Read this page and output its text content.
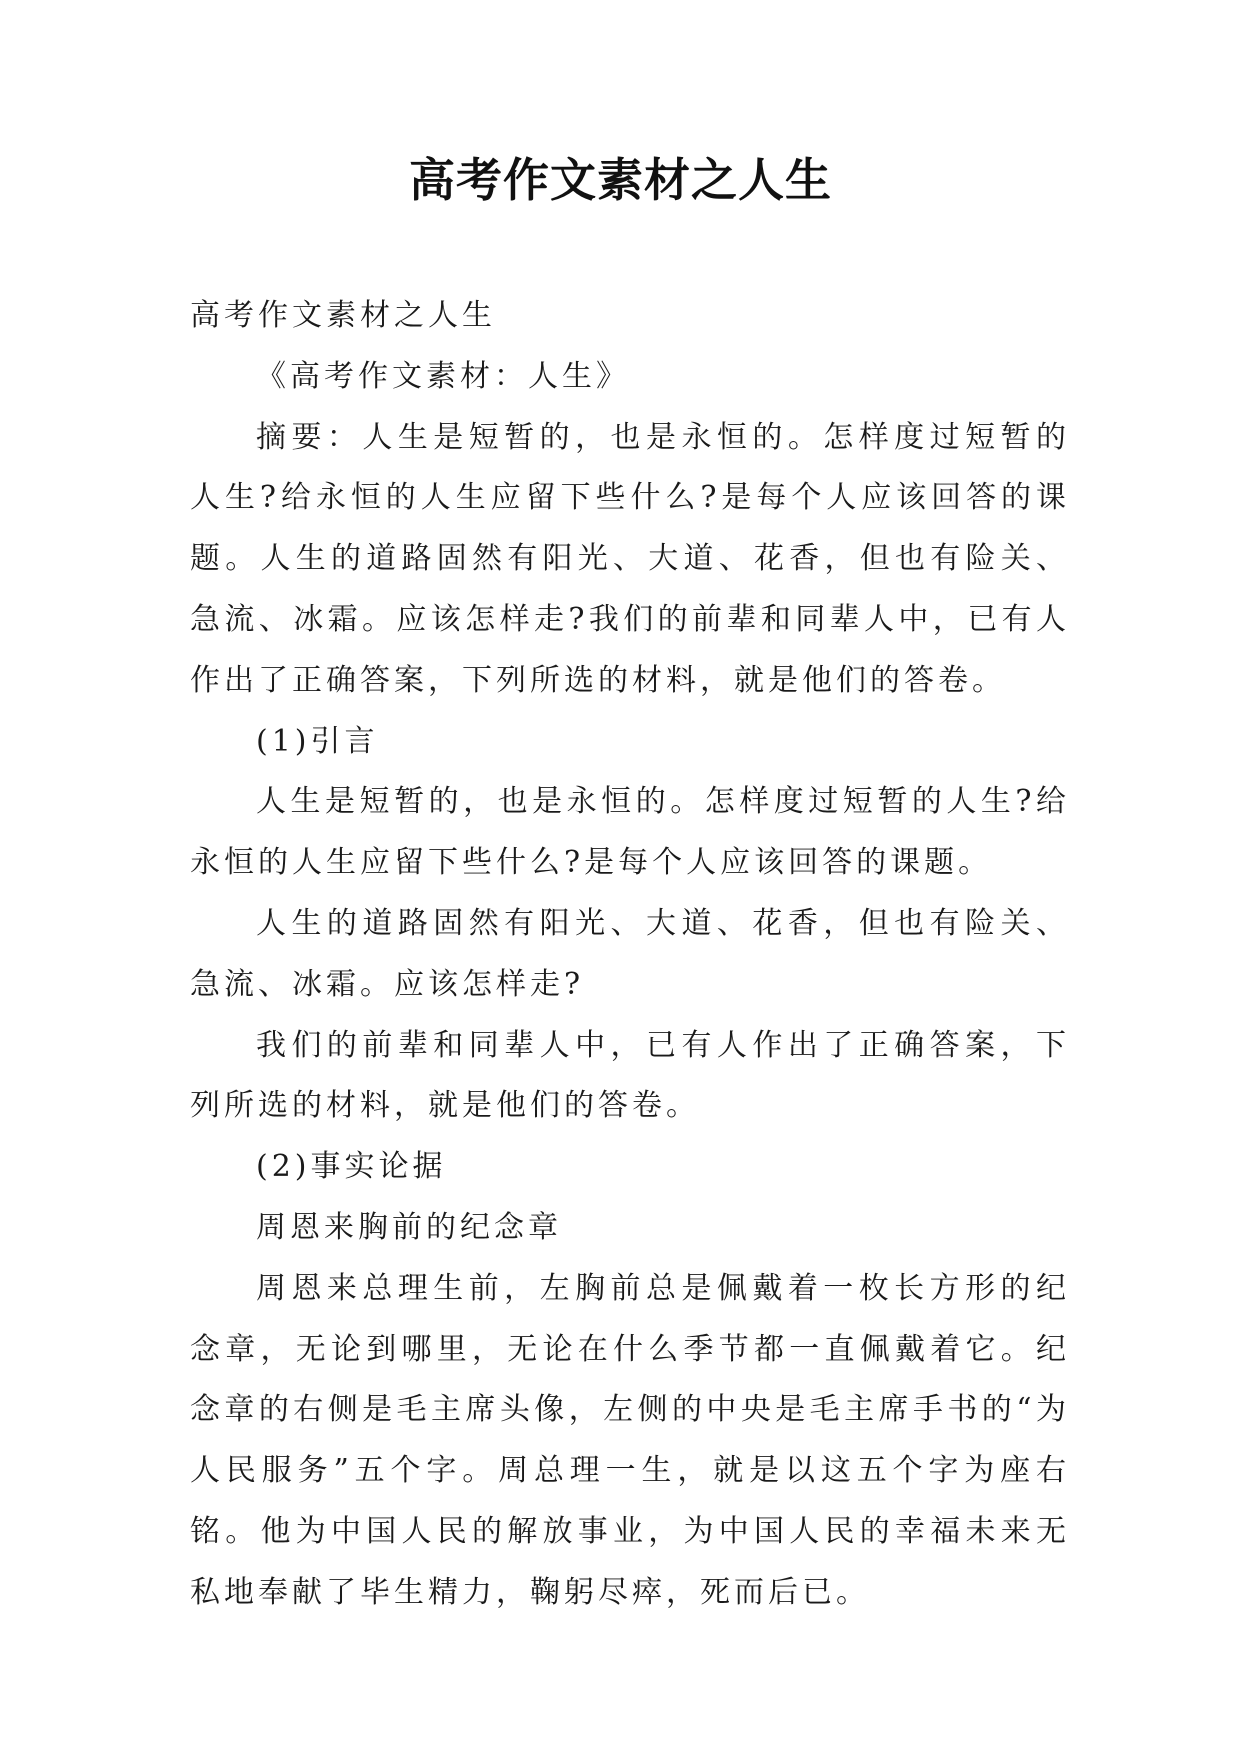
高考作文素材之人生

高考作文素材之人生

《高考作文素材：人生》

摘要：人生是短暂的，也是永恒的。怎样度过短暂的人生?给永恒的人生应留下些什么?是每个人应该回答的课题。人生的道路固然有阳光、大道、花香，但也有险关、急流、冰霜。应该怎样走?我们的前辈和同辈人中，已有人作出了正确答案，下列所选的材料，就是他们的答卷。

(1)引言

人生是短暂的，也是永恒的。怎样度过短暂的人生?给永恒的人生应留下些什么?是每个人应该回答的课题。

人生的道路固然有阳光、大道、花香，但也有险关、急流、冰霜。应该怎样走?

我们的前辈和同辈人中，已有人作出了正确答案，下列所选的材料，就是他们的答卷。

(2)事实论据

周恩来胸前的纪念章

周恩来总理生前，左胸前总是佩戴着一枚长方形的纪念章，无论到哪里，无论在什么季节都一直佩戴着它。纪念章的右侧是毛主席头像，左侧的中央是毛主席手书的“为人民服务”五个字。周总理一生，就是以这五个字为座右铭。他为中国人民的解放事业，为中国人民的幸福未来无私地奉献了毕生精力，鞠躬尽瘁，死而后已。
